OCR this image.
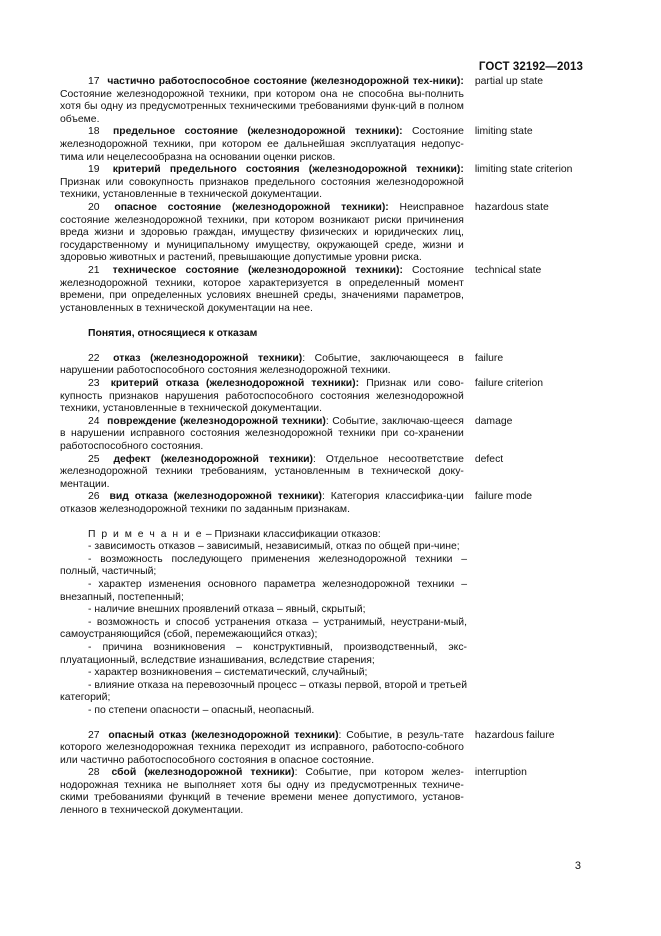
ГОСТ 32192—2013
17 частично работоспособное состояние (железнодорожной тех-ники): Состояние железнодорожной техники, при котором она не способна вы-полнить хотя бы одну из предусмотренных техническими требованиями функ-ций в полном объеме.
partial up state
18 предельное состояние (железнодорожной техники): Состояние железнодорожной техники, при котором ее дальнейшая эксплуатация недопус-тима или нецелесообразна на основании оценки рисков.
limiting state
19 критерий предельного состояния (железнодорожной техники): Признак или совокупность признаков предельного состояния железнодорожной техники, установленные в технической документации.
limiting state criterion
20 опасное состояние (железнодорожной техники): Неисправное состояние железнодорожной техники, при котором возникают риски причинения вреда жизни и здоровью граждан, имуществу физических и юридических лиц, государственному и муниципальному имуществу, окружающей среде, жизни и здоровью животных и растений, превышающие допустимые уровни риска.
hazardous state
21 техническое состояние (железнодорожной техники): Состояние железнодорожной техники, которое характеризуется в определенный момент времени, при определенных условиях внешней среды, значениями параметров, установленных в технической документации на нее.
technical state
Понятия, относящиеся к отказам
22 отказ (железнодорожной техники): Событие, заключающееся в нарушении работоспособного состояния железнодорожной техники.
failure
23 критерий отказа (железнодорожной техники): Признак или сово-купность признаков нарушения работоспособного состояния железнодорожной техники, установленные в технической документации.
failure criterion
24 повреждение (железнодорожной техники): Событие, заключаю-щееся в нарушении исправного состояния железнодорожной техники при со-хранении работоспособного состояния.
damage
25 дефект (железнодорожной техники): Отдельное несоответствие железнодорожной техники требованиям, установленным в технической доку-ментации.
defect
26 вид отказа (железнодорожной техники): Категория классифика-ции отказов железнодорожной техники по заданным признакам.
failure mode
П р и м е ч а н и е – Признаки классификации отказов:
- зависимость отказов – зависимый, независимый, отказ по общей при-чине;
- возможность последующего применения железнодорожной техники – полный, частичный;
- характер изменения основного параметра железнодорожной техники – внезапный, постепенный;
- наличие внешних проявлений отказа – явный, скрытый;
- возможность и способ устранения отказа – устранимый, неустрани-мый, самоустраняющийся (сбой, перемежающийся отказ);
- причина возникновения – конструктивный, производственный, экс-плуатационный, вследствие изнашивания, вследствие старения;
- характер возникновения – систематический, случайный;
- влияние отказа на перевозочный процесс – отказы первой, второй и третьей категорий;
- по степени опасности – опасный, неопасный.
27 опасный отказ (железнодорожной техники): Событие, в резуль-тате которого железнодорожная техника переходит из исправного, работоспо-собного или частично работоспособного состояния в опасное состояние.
hazardous failure
28 сбой (железнодорожной техники): Событие, при котором желез-нодорожная техника не выполняет хотя бы одну из предусмотренных техниче-скими требованиями функций в течение времени менее допустимого, установ-ленного в технической документации.
interruption
3
